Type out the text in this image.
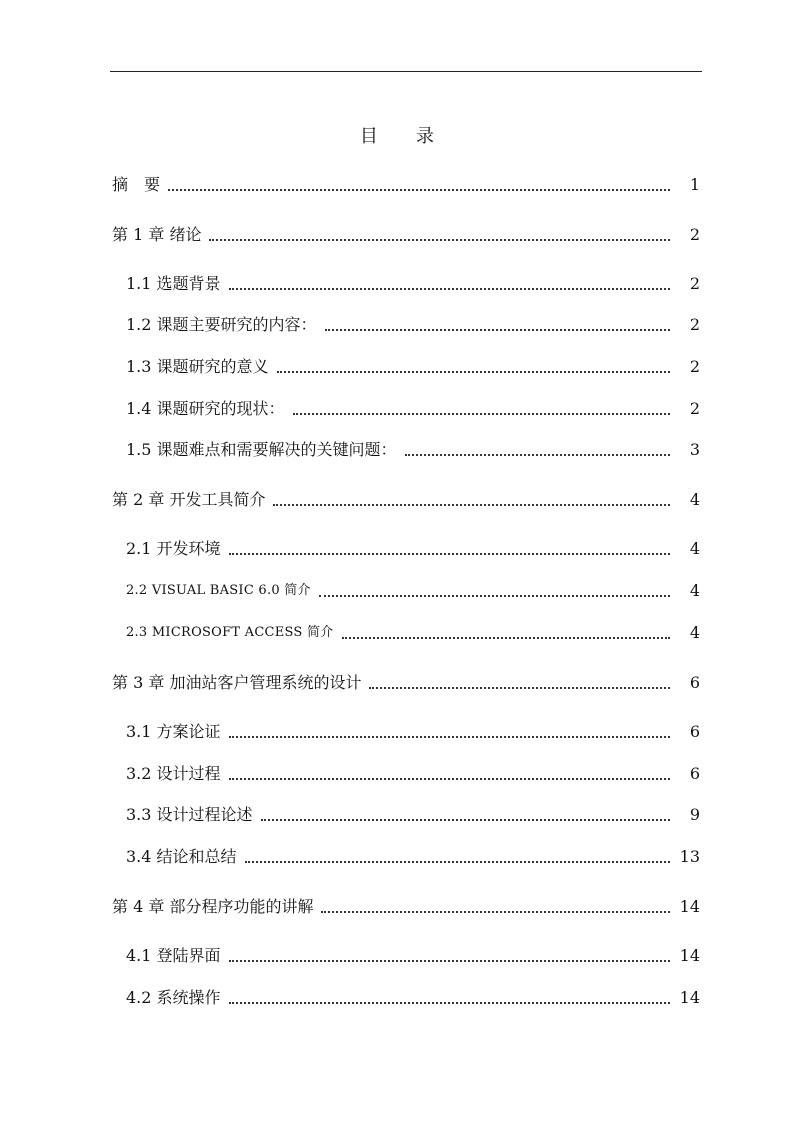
目 录
摘　要	1
第 1 章 绪论	2
1.1 选题背景	2
1.2 课题主要研究的内容：	2
1.3 课题研究的意义	2
1.4 课题研究的现状：	2
1.5 课题难点和需要解决的关键问题：	3
第 2 章 开发工具简介	4
2.1 开发环境	4
2.2 VISUAL BASIC 6.0 简介	4
2.3 MICROSOFT ACCESS 简介	4
第 3 章 加油站客户管理系统的设计	6
3.1 方案论证	6
3.2 设计过程	6
3.3 设计过程论述	9
3.4 结论和总结	13
第 4 章 部分程序功能的讲解	14
4.1 登陆界面	14
4.2 系统操作	14
